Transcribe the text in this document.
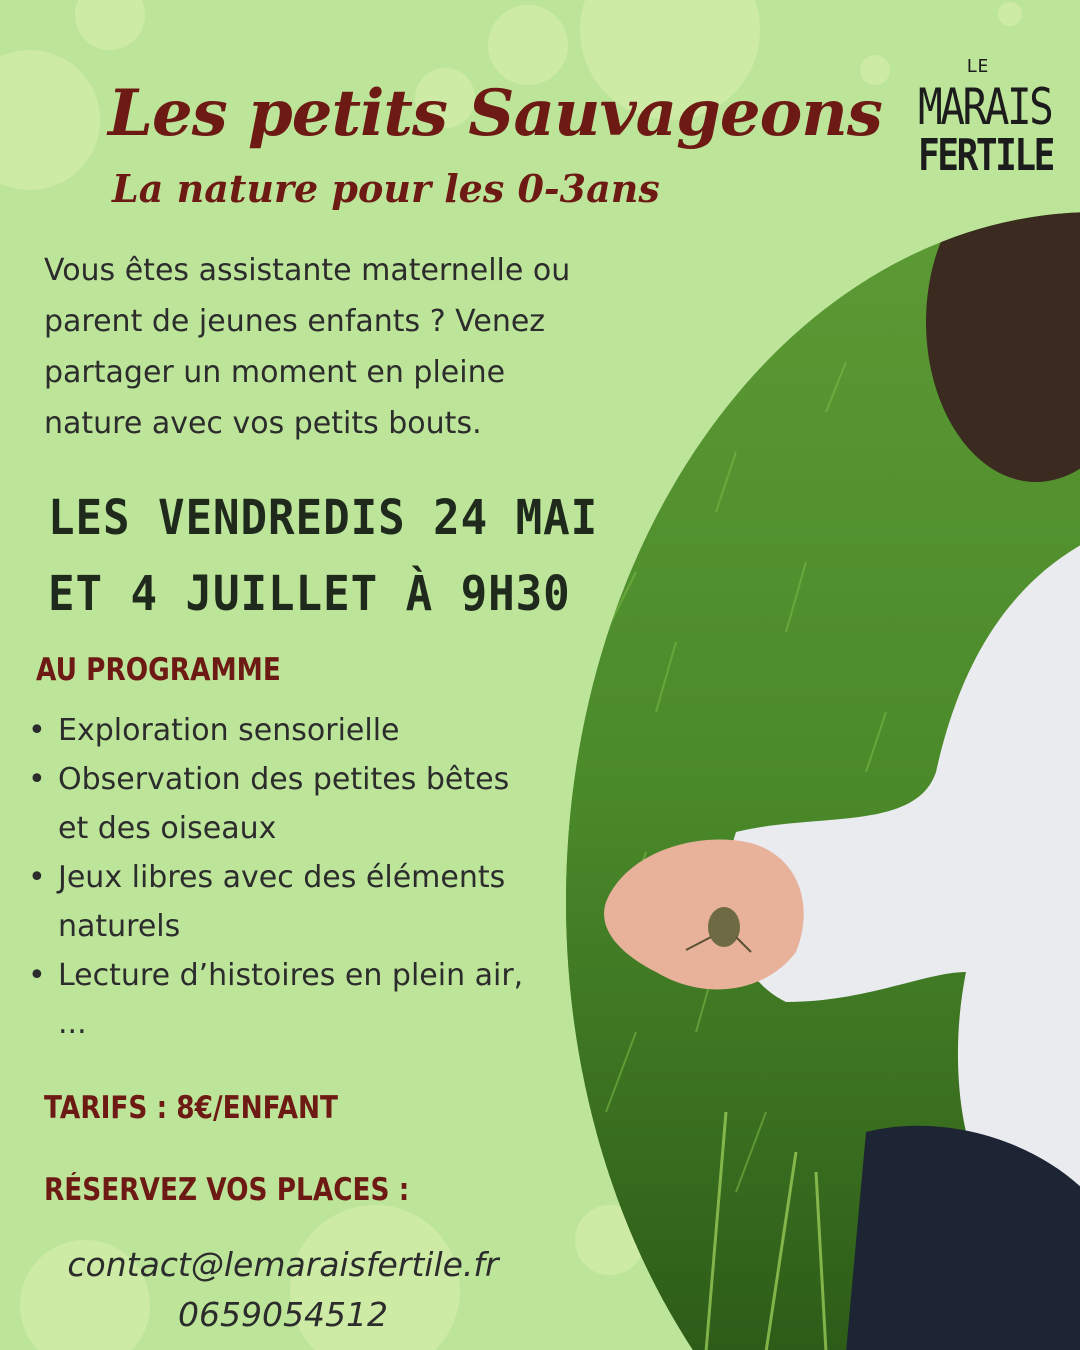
LE
MARAIS
FERTILE
Les petits Sauvageons
La nature pour les 0-3ans
Vous êtes assistante maternelle ou
parent de jeunes enfants ? Venez
partager un moment en pleine
nature avec vos petits bouts.
LES VENDREDIS 24 MAI
ET 4 JUILLET À 9H30
AU PROGRAMME
• Exploration sensorielle
• Observation des petites bêtes
et des oiseaux
• Jeux libres avec des éléments
naturels
• Lecture d’histoires en plein air,
...
TARIFS : 8€/ENFANT
RÉSERVEZ VOS PLACES :
contact@lemaraisfertile.fr
0659054512
